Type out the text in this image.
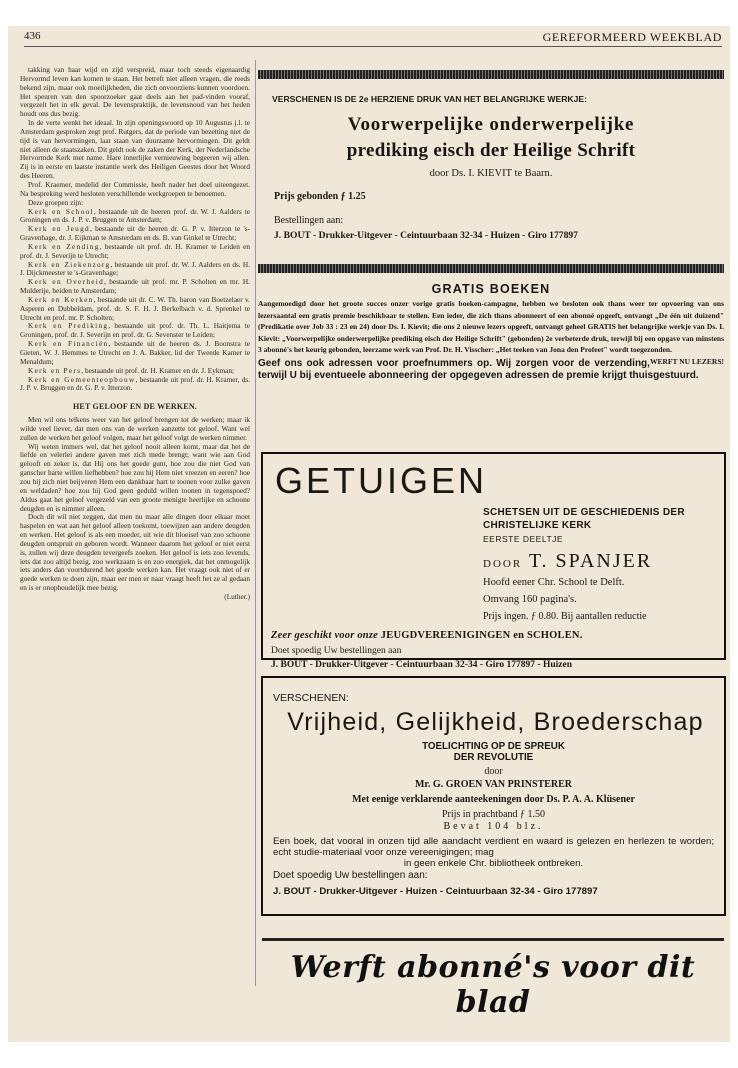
436	GEREFORMEERD WEEKBLAD

takking van haar wijd en zijd verspreid, maar toch steeds eigenaardig Hervormd leven kan komen te staan. Het betreft niet alleen vragen, die reeds bekend zijn, maar ook moeilijkheden, die zich onvoorziens kunnen voordoen. Het speuren van den spoorzoeker gaat deels aan het pad-vinden vooraf, vergezelt het in elk geval. De levenspraktijk, de levensnood van het heden houdt ons dus bezig.

In de verte wenkt het ideaal. In zijn openingswoord op 10 Augustus j.l. te Amsterdam gesproken zegt prof. Rutgers, dat de periode van bezetting niet de tijd is van hervormingen, laat staan van duurzame hervormingen. Dit geldt niet alleen de staatszaken. Dit geldt ook de zaken der Kerk, der Nederlandsche Hervormde Kerk met name. Hare innerlijke vernieuwing begeeren wij allen. Zij is in eerste en laatste instantie werk des Heiligen Geestes door het Woord des Heeren.

Prof. Kraemer, medelid der Commissie, heeft nader het doel uiteengezet. Na bespreking werd besloten verschillende werkgroepen te benoemen.

Deze groepen zijn:

Kerk en School, bestaande uit de heeren prof. dr. W. J. Aalders te Groningen en ds. J. P. v. Bruggen te Amsterdam;

Kerk en Jeugd, bestaande uit de heeren dr. G. P. v. Itterzon te 's-Gravenhage, dr. J. Eijkman te Amsterdam en ds. B. van Ginkel te Utrecht;

Kerk en Zending, bestaande uit prof. dr. H. Kramer te Leiden en prof. dr. J. Severijn te Utrecht;

Kerk en Ziekenzorg, bestaande uit prof. dr. W. J. Aalders en ds. H. J. Dijckmeester te 's-Gravenhage;

Kerk en Overheid, bestaande uit prof. mr. P. Scholten en mr. H. Mulderije, beiden te Amsterdam;

Kerk en Kerken, bestaande uit dr. C. W. Th. baron van Boetzelaer v. Asperen en Dubbeldam, prof. dr. S. F. H. J. Berkelbach v. d. Sprenkel te Utrecht en prof. mr. P. Scholten;

Kerk en Prediking, bestaande uit prof. dr. Th. L. Haitjema te Groningen, prof. dr. J. Severijn en prof. dr. G. Sevenster te Leiden;

Kerk en Financiën, bestaande uit de heeren ds. J. Boonstra te Gieten, W. J. Hemmes te Utrecht en J. A. Bakker, lid der Tweede Kamer te Menaldum;

Kerk en Pers, bestaande uit prof. dr. H. Kramer en dr. J. Eykman;

Kerk en Gemeenteopbouw, bestaande uit prof. dr. H. Kramer, ds. J. P. v. Bruggen en dr. G. P. v. Itterzon.

HET GELOOF EN DE WERKEN.

Men wil ons telkens weer van het geloof brengen tot de werken; maar ik wilde veel liever, dat men ons van de werken aanzette tot geloof. Want wel zullen de werken het geloof volgen, maar het geloof volgt de werken nimmer.

Wij weten immers wel, dat het geloof nooit alleen komt, maar dat het de liefde en velerlei andere gaven met zich mede brengt; want wie aan God gelooft en zeker is, dat Hij ons het goede gunt, hoe zou die niet God van ganscher harte willen liefhebben? hoe zou hij Hem niet vreezen en eeren? hoe zou hij zich niet beijveren Hem een dankbaar hart te toonen voor zulke gaven en weldaden? hoe zou hij God geen geduld willen toonen in tegenspoed? Aldus gaat het geloof vergezeld van een groote menigte heerlijke en schoone deugden en is nimmer alleen.

Doch dit wil niet zeggen, dat men nu maar alle dingen door elkaar moet haspelen en wat aan het geloof alleen toekomt, toewijzen aan andere deugden en werken. Het geloof is als een moeder, uit wie dit bloeisel van zoo schoone deugden ontspruit en geboren wordt. Wanneer daarom het geloof er niet eerst is, zullen wij deze deugden tevergeefs zoeken. Het geloof is iets zoo levends, iets dat zoo altijd bezig, zoo werkzaam is en zoo energiek, dat het onmogelijk iets anders dan voortdurend het goede werken kan. Het vraagt ook niet of er goede werken te doen zijn, maar eer men er naar vraagt heeft het ze al gedaan en is er onophoudelijk mee bezig.

(Luther.)
VERSCHENEN IS DE 2e HERZIENE DRUK VAN HET BELANGRIJKE WERKJE:
Voorwerpelijke onderwerpelijke
prediking eisch der Heilige Schrift
door Ds. I. KIEVIT te Baarn.
Prijs gebonden ƒ 1.25
Bestellingen aan:
J. BOUT - Drukker-Uitgever - Ceintuurbaan 32-34 - Huizen - Giro 177897
GRATIS BOEKEN

Aangemoedigd door het groote succes onzer vorige gratis boeken-campagne, hebben we besloten ook thans weer ter opvoering van ons lezersaantal een gratis premie beschikbaar te stellen. Een ieder, die zich thans abonneert of een abonné opgeeft, ontvangt „De één uit duizend" (Predikatie over Job 33 : 23 en 24) door Ds. I. Kievit; die ons 2 nieuwe lezers opgeeft, ontvangt geheel GRATIS het belangrijke werkje van Ds. I. Kievit: „Voorwerpelijke onderwerpelijke prediking eisch der Heilige Schrift" (gebonden) 2e verbeterde druk, terwijl bij een opgave van minstens 3 abonné's het keurig gebonden, leerzame werk van Prof. Dr. H. Visscher: „Het teeken van Jona den Profeet" wordt toegezonden.
WERFT NU LEZERS!

Geef ons ook adressen voor proefnummers op. Wij zorgen voor de verzending, terwijl U bij eventueele abonneering der opgegeven adressen de premie krijgt thuisgestuurd.

GETUIGEN
SCHETSEN UIT DE GESCHIEDENIS DER CHRISTELIJKE KERK
EERSTE DEELTJE
DOOR T. SPANJER
Hoofd eener Chr. School te Delft.
Omvang 160 pagina's.
Prijs ingen. ƒ 0.80. Bij aantallen reductie
Zeer geschikt voor onze JEUGDVEREENIGINGEN en SCHOLEN.
Doet spoedig Uw bestellingen aan
J. BOUT - Drukker-Uitgever - Ceintuurbaan 32-34 - Giro 177897 - Huizen
VERSCHENEN:
Vrijheid, Gelijkheid, Broederschap
TOELICHTING OP DE SPREUK
DER REVOLUTIE
door
Mr. G. GROEN VAN PRINSTERER
Met eenige verklarende aanteekeningen door Ds. P. A. A. Klüsener
Prijs in prachtband ƒ 1.50
Bevat 104 blz.
Een boek, dat vooral in onzen tijd alle aandacht verdient en waard is gelezen en herlezen te worden; echt studie-materiaal voor onze vereenigingen; mag
in geen enkele Chr. bibliotheek ontbreken.
Doet spoedig Uw bestellingen aan:
J. BOUT - Drukker-Uitgever - Huizen - Ceintuurbaan 32-34 - Giro 177897
Werft abonné's voor dit blad
